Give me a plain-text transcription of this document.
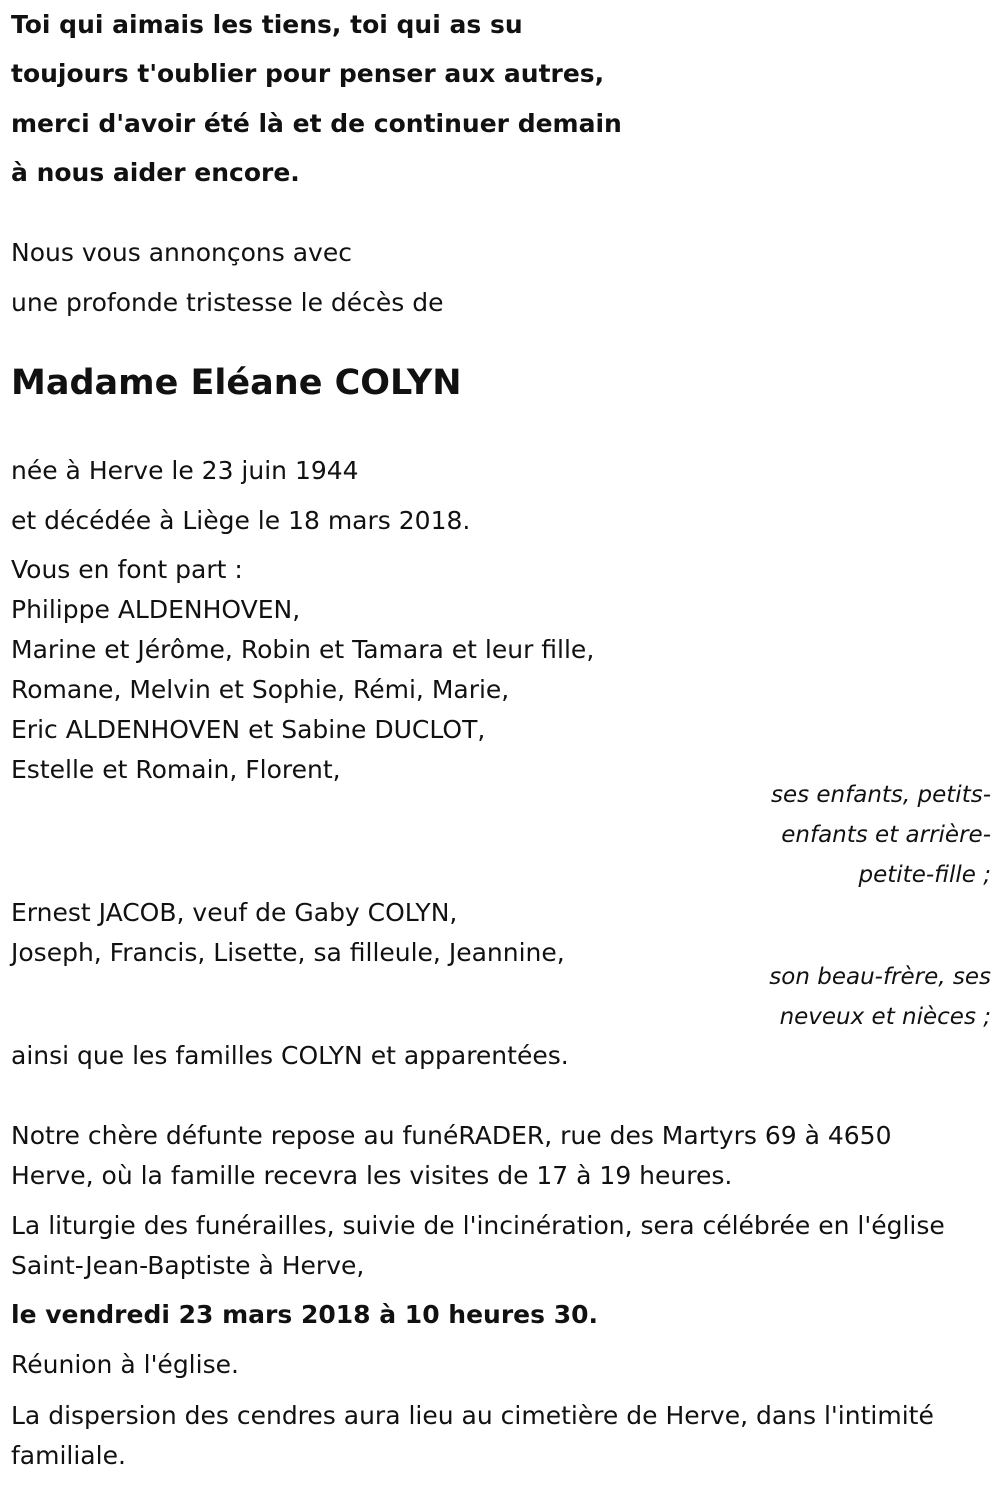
Toi qui aimais les tiens, toi qui as su
toujours t'oublier pour penser aux autres,
merci d'avoir été là et de continuer demain
à nous aider encore.
Nous vous annonçons avec
une profonde tristesse le décès de
Madame Eléane COLYN
née à Herve le 23 juin 1944
et décédée à Liège le 18 mars 2018.
Vous en font part :
Philippe ALDENHOVEN,
Marine et Jérôme, Robin et Tamara et leur fille,
Romane, Melvin et Sophie, Rémi, Marie,
Eric ALDENHOVEN et Sabine DUCLOT,
Estelle et Romain, Florent,
ses enfants, petits-
enfants et arrière-
petite-fille ;
Ernest JACOB, veuf de Gaby COLYN,
Joseph, Francis, Lisette, sa filleule, Jeannine,
son beau-frère, ses
neveux et nièces ;
ainsi que les familles COLYN et apparentées.
Notre chère défunte repose au funéRADER, rue des Martyrs 69 à 4650
Herve, où la famille recevra les visites de 17 à 19 heures.
La liturgie des funérailles, suivie de l'incinération, sera célébrée en l'église
Saint-Jean-Baptiste à Herve,
le vendredi 23 mars 2018 à 10 heures 30.
Réunion à l'église.
La dispersion des cendres aura lieu au cimetière de Herve, dans l'intimité
familiale.
